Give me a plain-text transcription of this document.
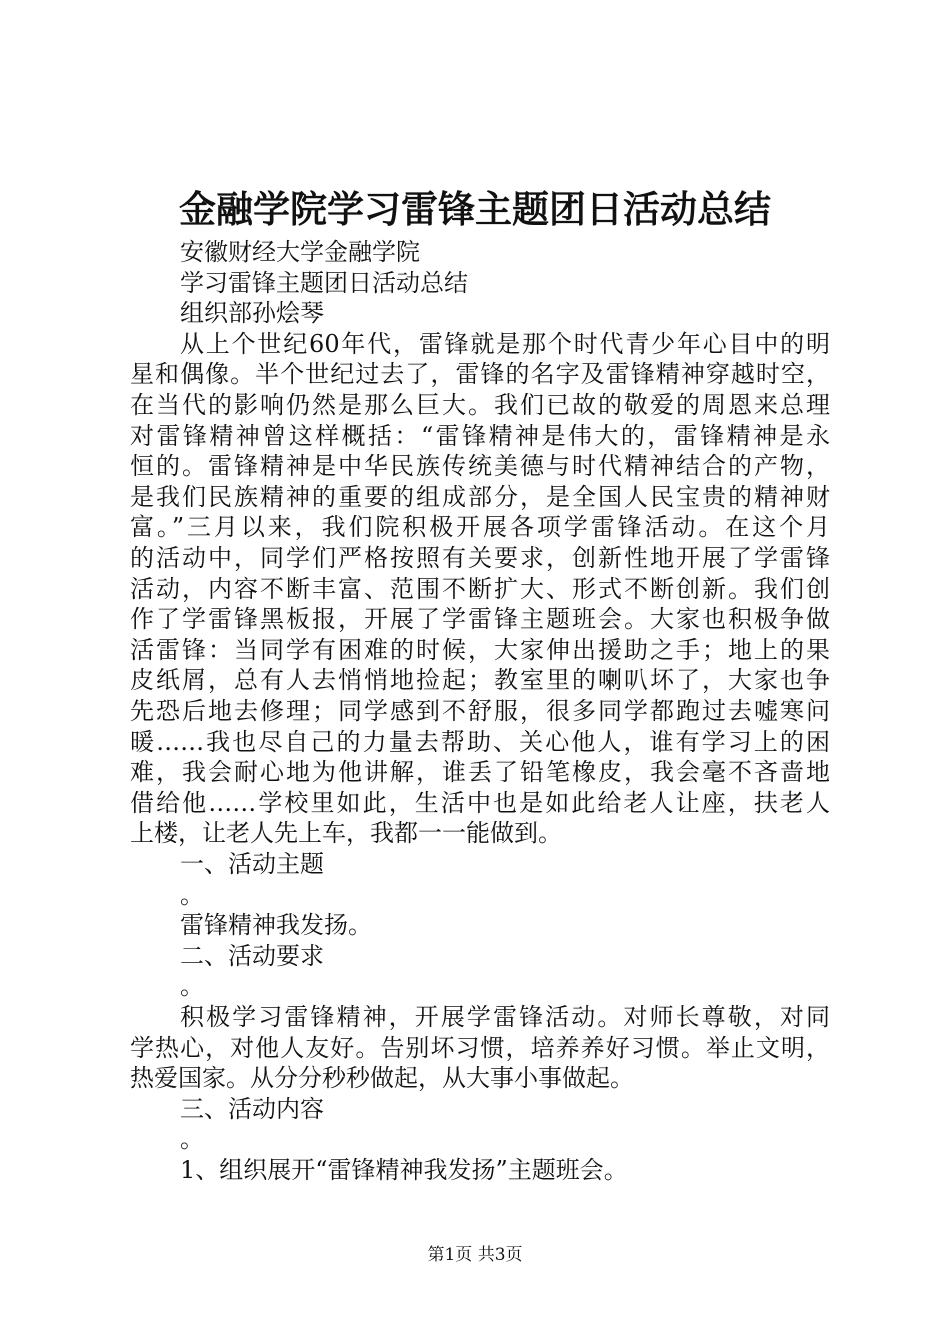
金融学院学习雷锋主题团日活动总结
安徽财经大学金融学院
学习雷锋主题团日活动总结
组织部孙烩琴
从上个世纪60年代，雷锋就是那个时代青少年心目中的明
星和偶像。半个世纪过去了，雷锋的名字及雷锋精神穿越时空，
在当代的影响仍然是那么巨大。我们已故的敬爱的周恩来总理
对雷锋精神曾这样概括：“雷锋精神是伟大的，雷锋精神是永
恒的。雷锋精神是中华民族传统美德与时代精神结合的产物，
是我们民族精神的重要的组成部分，是全国人民宝贵的精神财
富。”三月以来，我们院积极开展各项学雷锋活动。在这个月
的活动中，同学们严格按照有关要求，创新性地开展了学雷锋
活动，内容不断丰富、范围不断扩大、形式不断创新。我们创
作了学雷锋黑板报，开展了学雷锋主题班会。大家也积极争做
活雷锋：当同学有困难的时候，大家伸出援助之手；地上的果
皮纸屑，总有人去悄悄地捡起；教室里的喇叭坏了，大家也争
先恐后地去修理；同学感到不舒服，很多同学都跑过去嘘寒问
暖……我也尽自己的力量去帮助、关心他人，谁有学习上的困
难，我会耐心地为他讲解，谁丢了铅笔橡皮，我会毫不吝啬地
借给他……学校里如此，生活中也是如此给老人让座，扶老人
上楼，让老人先上车，我都一一能做到。
一、活动主题
。
雷锋精神我发扬。
二、活动要求
。
积极学习雷锋精神，开展学雷锋活动。对师长尊敬，对同
学热心，对他人友好。告别坏习惯，培养养好习惯。举止文明，
热爱国家。从分分秒秒做起，从大事小事做起。
三、活动内容
。
1、组织展开“雷锋精神我发扬”主题班会。
第1页 共3页
